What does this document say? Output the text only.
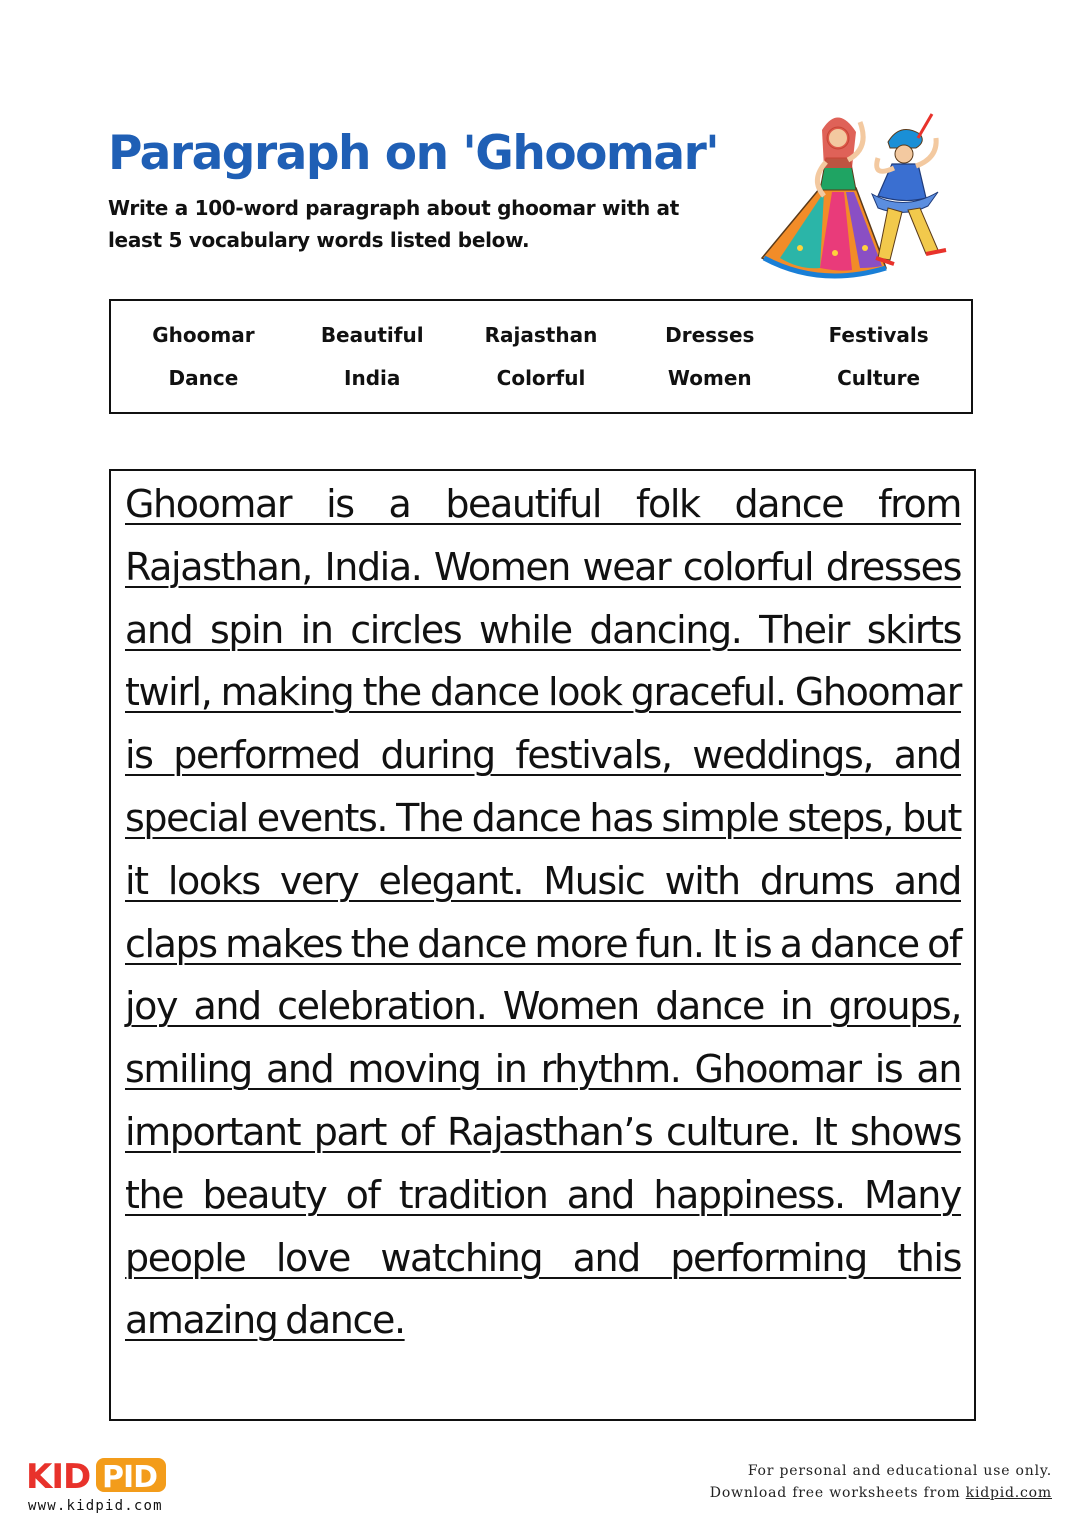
Paragraph on 'Ghoomar'
Write a 100-word paragraph about ghoomar with at least 5 vocabulary words listed below.
Ghoomar	Beautiful	Rajasthan	Dresses	Festivals
Dance	India	Colorful	Women	Culture

Ghoomar is a beautiful folk dance from Rajasthan, India. Women wear colorful dresses and spin in circles while dancing. Their skirts twirl, making the dance look graceful. Ghoomar is performed during festivals, weddings, and special events. The dance has simple steps, but it looks very elegant. Music with drums and claps makes the dance more fun. It is a dance of joy and celebration. Women dance in groups, smiling and moving in rhythm. Ghoomar is an important part of Rajasthan’s culture. It shows the beauty of tradition and happiness. Many people love watching and performing this amazing dance.

KID PID
www.kidpid.com
For personal and educational use only.
Download free worksheets from kidpid.com
